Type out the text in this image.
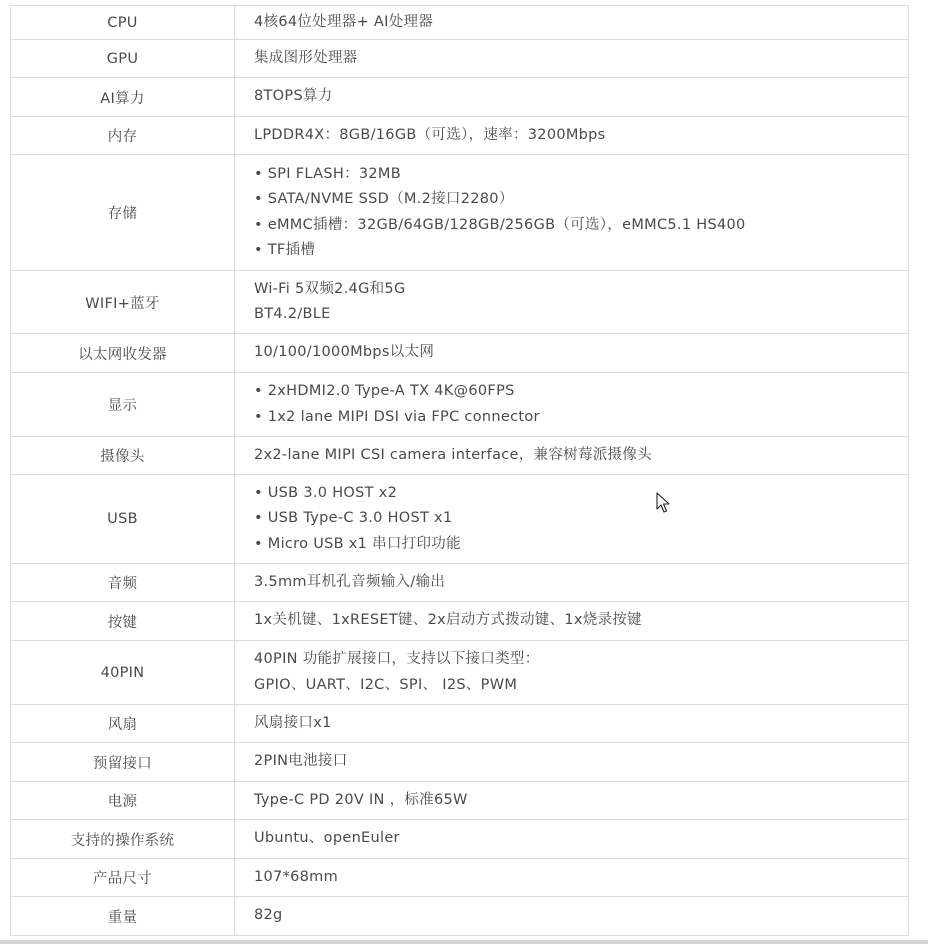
CPU	4核64位处理器+ AI处理器

GPU	集成图形处理器

AI算力	8TOPS算力

内存	LPDDR4X：8GB/16GB（可选），速率：3200Mbps

存储	• SPI FLASH：32MB
• SATA/NVME SSD（M.2接口2280）
• eMMC插槽：32GB/64GB/128GB/256GB（可选），eMMC5.1 HS400
• TF插槽

WIFI+蓝牙	Wi-Fi 5双频2.4G和5G
BT4.2/BLE

以太网收发器	10/100/1000Mbps以太网

显示	• 2xHDMI2.0 Type-A TX 4K@60FPS
• 1x2 lane MIPI DSI via FPC connector

摄像头	2x2-lane MIPI CSI camera interface，兼容树莓派摄像头

USB	• USB 3.0 HOST x2
• USB Type-C 3.0 HOST x1
• Micro USB x1 串口打印功能

音频	3.5mm耳机孔音频输入/输出

按键	1x关机键、1xRESET键、2x启动方式拨动键、1x烧录按键

40PIN	40PIN 功能扩展接口，支持以下接口类型：
GPIO、UART、I2C、SPI、 I2S、PWM

风扇	风扇接口x1

预留接口	2PIN电池接口

电源	Type-C PD 20V IN ，标准65W

支持的操作系统	Ubuntu、openEuler

产品尺寸	107*68mm

重量	82g
